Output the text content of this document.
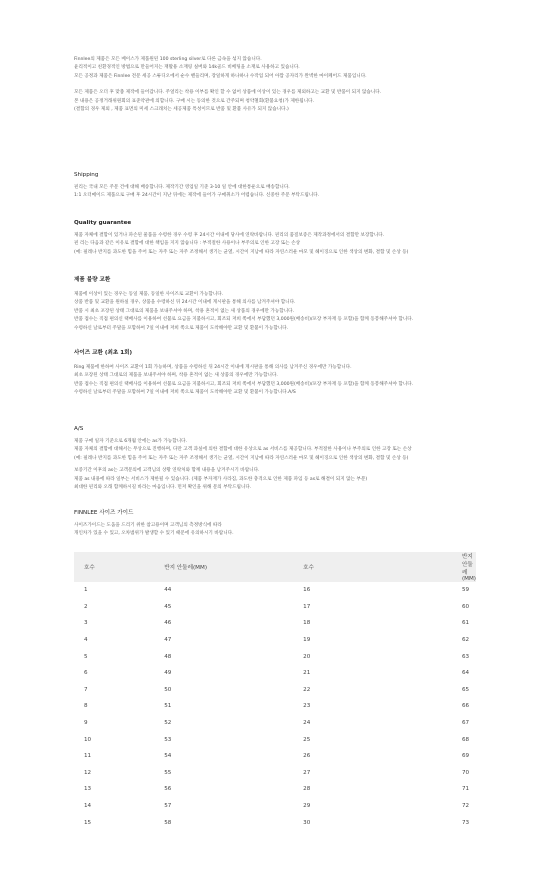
Finnlee의 제품은 모든 베이스가 제품원된 100 sterling silver로 다른 금속을 섞지 않습니다.

윤리적이고 친환경적인 방법으로 만들어지는 재활용 소재링 실버와 14k골드 비베팅을 소재로 사용하고 있습니다.

모든 공정과 제품은 Finnlee 전문 세공 스튜디오에서 순수 핸들리며, 장일하게 하나하나 수작업 되어 아깝 공자리가 완벽한 마이페어드 제품입니다.

모든 제품은 오더 후 맞춤 제작에 들어갑니다. 주얼리는 착용 이부를 확인 할 수 없어 상품에 이상이 있는 경우를 제외하고는 교환 및 반품이 되지 않습니다.

본 내용은 공정거래위원회의 표준약관에 의합니다. 구매 시는 동의한 것으로 간주되며 청약철회(환불요청)가 제한됩니다.

(결함의 경우 제외 , 제품 표면의 미세 스크래치는 세공제품 특성이므로 반품 및 환불 사유가 되지 않습니다.)

Shipping

핀리는 국내 모든 주문 건에 대해 배송합니다. 제작기간 영업일 기준 3-10 일 안에 대한통운으로 배송합니다.

1:1 오더메이드 제품으로 구매 후 24시간이 지난 뒤에는 제작에 들어가 구매취소가 어렵습니다. 신중한 주문 부탁드립니다.

Quality guarantee

제품 자체에 결함이 있거나 파손된 물품을 수령한 경우 수령 후 24시간 이내에 당사에 연락바랍니다. 핀리의 품질보증은 제작과정에서의 결함만 보장합니다.

핀 리는 다음과 같은 이유로 결함에 대한 책임을 지지 않습니다 : 부적절한 사용이나 부주의로 인한 고장 또는 손상

(예: 필레나 반지를 과도한 힘을 주어 또는 자주 또는 자주 조정해서 생기는 균열, 시간이 지남에 따라 자연스러운 마모 및 헤이징으로 인한 색상의 변화, 결함 및 손상 등)

제품 불량 교환

제품에 이상이 있는 경우는 동일 제품, 동일한 사이즈로 교환이 가능합니다.

상품 반품 및 교환을 원하실 경우, 상품을 수령하신 뒤 24시간 이내에 게시판을 통해 의사를 남겨주셔야 합니다.

반품 시 최초 포장된 상태 그대로의 제품을 보내주셔야 하며, 착용 흔적이 없는 새 상품의 경우에만 가능합니다.

반품 접수는 직접 편의신 택배사를 이용하여 선불로 요금을 지불하시고, 회조되 저희 쪽에서 부담했던 3,000원(배송비)/포장 부자재 등 포함)을 함께 동봉해주셔야 합니다.

수령하신 날로부터 주말을 포함하여 7일 이내에 저희 쪽으로 제품이 도착해야만 교환 및 환불이 가능합니다.

사이즈 교환 (최초 1회)

Ring 제품에 한하여 사이즈 교환이 1회 가능하며, 상품을 수령하신 뒤 24시간 이내에 게시판을 통해 의사를 남겨주신 경우에만 가능합니다.

최초 포장된 상태 그대로의 제품을 보내주셔야 하며, 착용 흔적이 없는 새 상품의 경우에만 가능합니다.

반품 접수는 직접 편의신 택배사를 이용하여 선불로 요금을 지불하시고, 회조되 저희 쪽에서 부담했던 3,000원(배송비)/포장 부자재 등 포함)을 함께 동봉해주셔야 합니다.

수령하신 날로부터 주말을 포함하여 7일 이내에 저희 쪽으로 제품이 도착해야만 교환 및 환불이 가능합니다.A/S

A/S

제품 구매 일자 기준으로 6개월 안에는 as가 가능합니다.

제품 자체의 결함에 대해서는 무상으로 진행하며, 다만 고객 과실에 의한 결함에 대한 유상으로 as 서비스를 제공합니다. 부적절한 사용이나 부주의로 인한 고장 또는 손상

(예: 필레나 반지를 과도한 힘을 주어 또는 자주 또는 자주 조정해서 생기는 균열, 시간이 지남에 따라 자연스러운 마모 및 헤이징으로 인한 색상의 변화, 결함 및 손상 등)

보증기간 이후의 as는 고객문의에 고객님의 상황 연락처와 함께 내용을 남겨주시기 바랍니다.

제품 as 내용에 따라 일부는 서비스가 제한될 수 있습니다. (제품 부자재가 사라짐, 과도한 충격으로 인한 제품 파임 등 as로 해결이 되지 않는 부분)

최대한 핀리와 오래 함께하시길 바라는 마음입니다. 먼저 확인을 위해 문의 부탁드립니다.

FINNLEE 사이즈 가이드

사이즈가이드는 도움을 드리기 위한 참고용이며 고객님의 측정방식에 따라

개인차가 있을 수 있고, 오차범위가 발생할 수 있기 때문에 유의하시기 바랍니다.

호수	반지 안둘레(MM)	호수	반지 안둘레(MM)
1	44	16	59
2	45	17	60
3	46	18	61
4	47	19	62
5	48	20	63
6	49	21	64
7	50	22	65
8	51	23	66
9	52	24	67
10	53	25	68
11	54	26	69
12	55	27	70
13	56	28	71
14	57	29	72
15	58	30	73
